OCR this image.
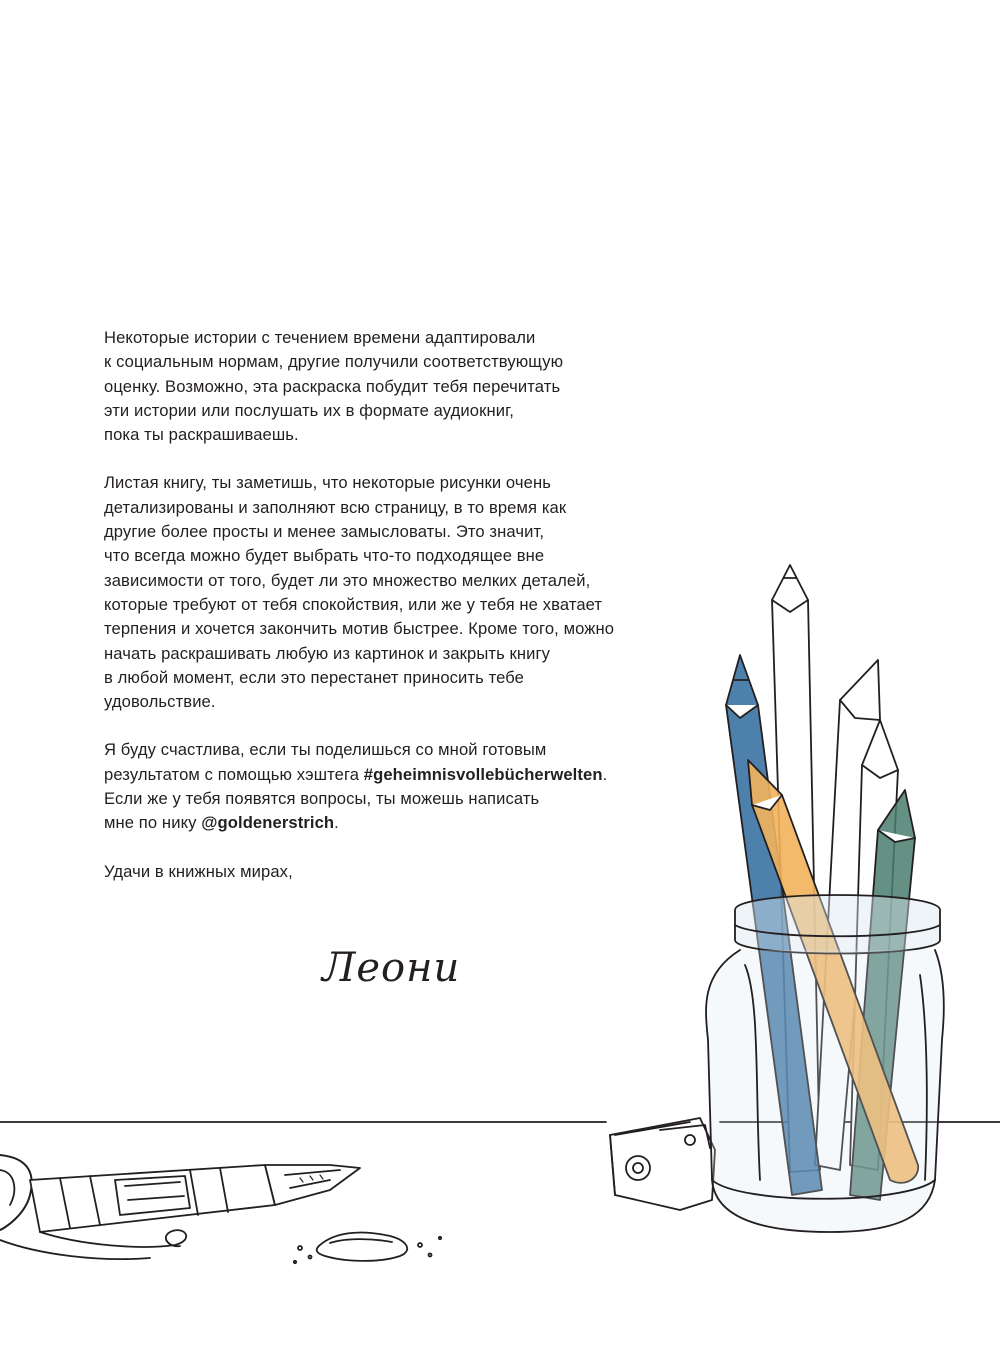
Некоторые истории с течением времени адаптировали
к социальным нормам, другие получили соответствующую
оценку. Возможно, эта раскраска побудит тебя перечитать
эти истории или послушать их в формате аудиокниг,
пока ты раскрашиваешь.

Листая книгу, ты заметишь, что некоторые рисунки очень
детализированы и заполняют всю страницу, в то время как
другие более просты и менее замысловаты. Это значит,
что всегда можно будет выбрать что-то подходящее вне
зависимости от того, будет ли это множество мелких деталей,
которые требуют от тебя спокойствия, или же у тебя не хватает
терпения и хочется закончить мотив быстрее. Кроме того, можно
начать раскрашивать любую из картинок и закрыть книгу
в любой момент, если это перестанет приносить тебе
удовольствие.

Я буду счастлива, если ты поделишься со мной готовым
результатом с помощью хэштега #geheimnisvollebücherwelten.
Если же у тебя появятся вопросы, ты можешь написать
мне по нику @goldenerstrich.

Удачи в книжных мирах,

Леони
